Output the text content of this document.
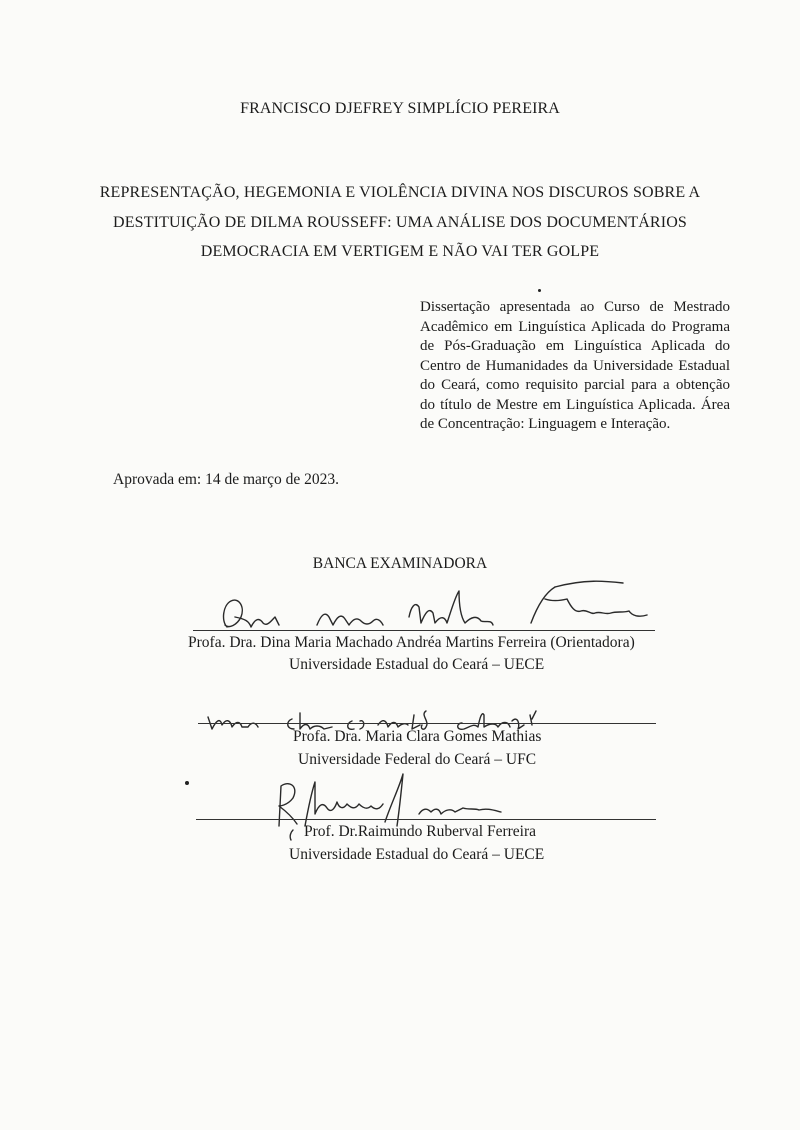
FRANCISCO DJEFREY SIMPLÍCIO PEREIRA
REPRESENTAÇÃO, HEGEMONIA E VIOLÊNCIA DIVINA NOS DISCUROS SOBRE A
DESTITUIÇÃO DE DILMA ROUSSEFF: UMA ANÁLISE DOS DOCUMENTÁRIOS
DEMOCRACIA EM VERTIGEM E NÃO VAI TER GOLPE
Dissertação apresentada ao Curso de Mestrado Acadêmico em Linguística Aplicada do Programa de Pós-Graduação em Linguística Aplicada do Centro de Humanidades da Universidade Estadual do Ceará, como requisito parcial para a obtenção do título de Mestre em Linguística Aplicada. Área de Concentração: Linguagem e Interação.
Aprovada em: 14 de março de 2023.
BANCA EXAMINADORA
Profa. Dra. Dina Maria Machado Andréa Martins Ferreira (Orientadora)
Universidade Estadual do Ceará – UECE
Profa. Dra. Maria Clara Gomes Mathias
Universidade Federal do Ceará – UFC
Prof. Dr.Raimundo Ruberval Ferreira
Universidade Estadual do Ceará – UECE
